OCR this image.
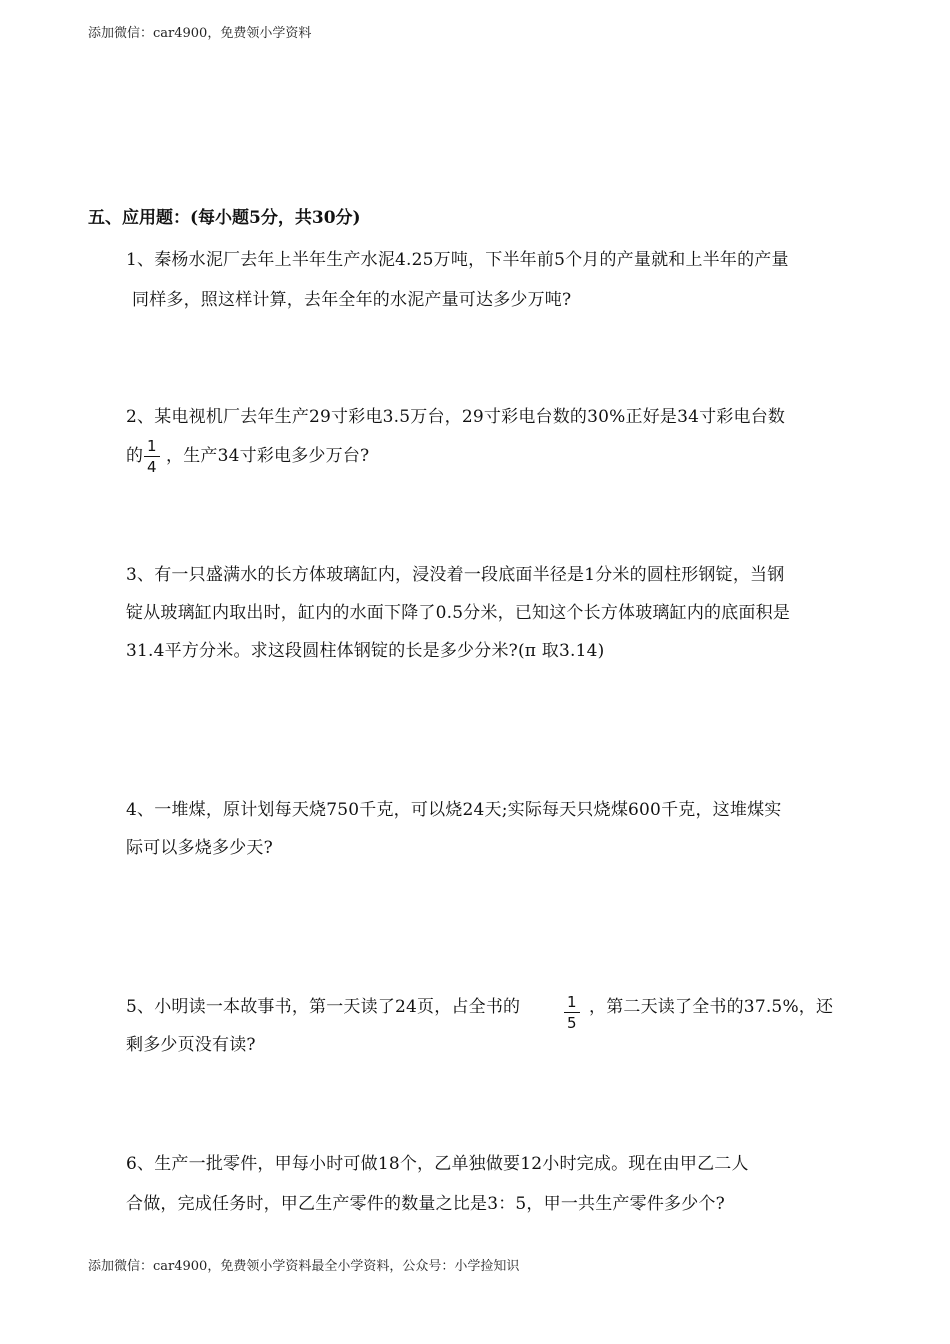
添加微信：car4900，免费领小学资料
五、应用题：(每小题5分，共30分)
1、秦杨水泥厂去年上半年生产水泥4.25万吨，下半年前5个月的产量就和上半年的产量
同样多，照这样计算，去年全年的水泥产量可达多少万吨?
2、某电视机厂去年生产29寸彩电3.5万台，29寸彩电台数的30%正好是34寸彩电台数
的 $\frac{1}{4}$ ，生产34寸彩电多少万台?
3、有一只盛满水的长方体玻璃缸内，浸没着一段底面半径是1分米的圆柱形钢锭，当钢
锭从玻璃缸内取出时，缸内的水面下降了0.5分米，已知这个长方体玻璃缸内的底面积是
31.4平方分米。求这段圆柱体钢锭的长是多少分米?(π 取3.14)
4、一堆煤，原计划每天烧750千克，可以烧24天;实际每天只烧煤600千克，这堆煤实
际可以多烧多少天?
5、小明读一本故事书，第一天读了24页，占全书的	$\frac{1}{5}$ ，第二天读了全书的37.5%，还
剩多少页没有读?
6、生产一批零件，甲每小时可做18个，乙单独做要12小时完成。现在由甲乙二人
合做，完成任务时，甲乙生产零件的数量之比是3：5，甲一共生产零件多少个?
添加微信：car4900，免费领小学资料最全小学资料，公众号：小学捡知识
